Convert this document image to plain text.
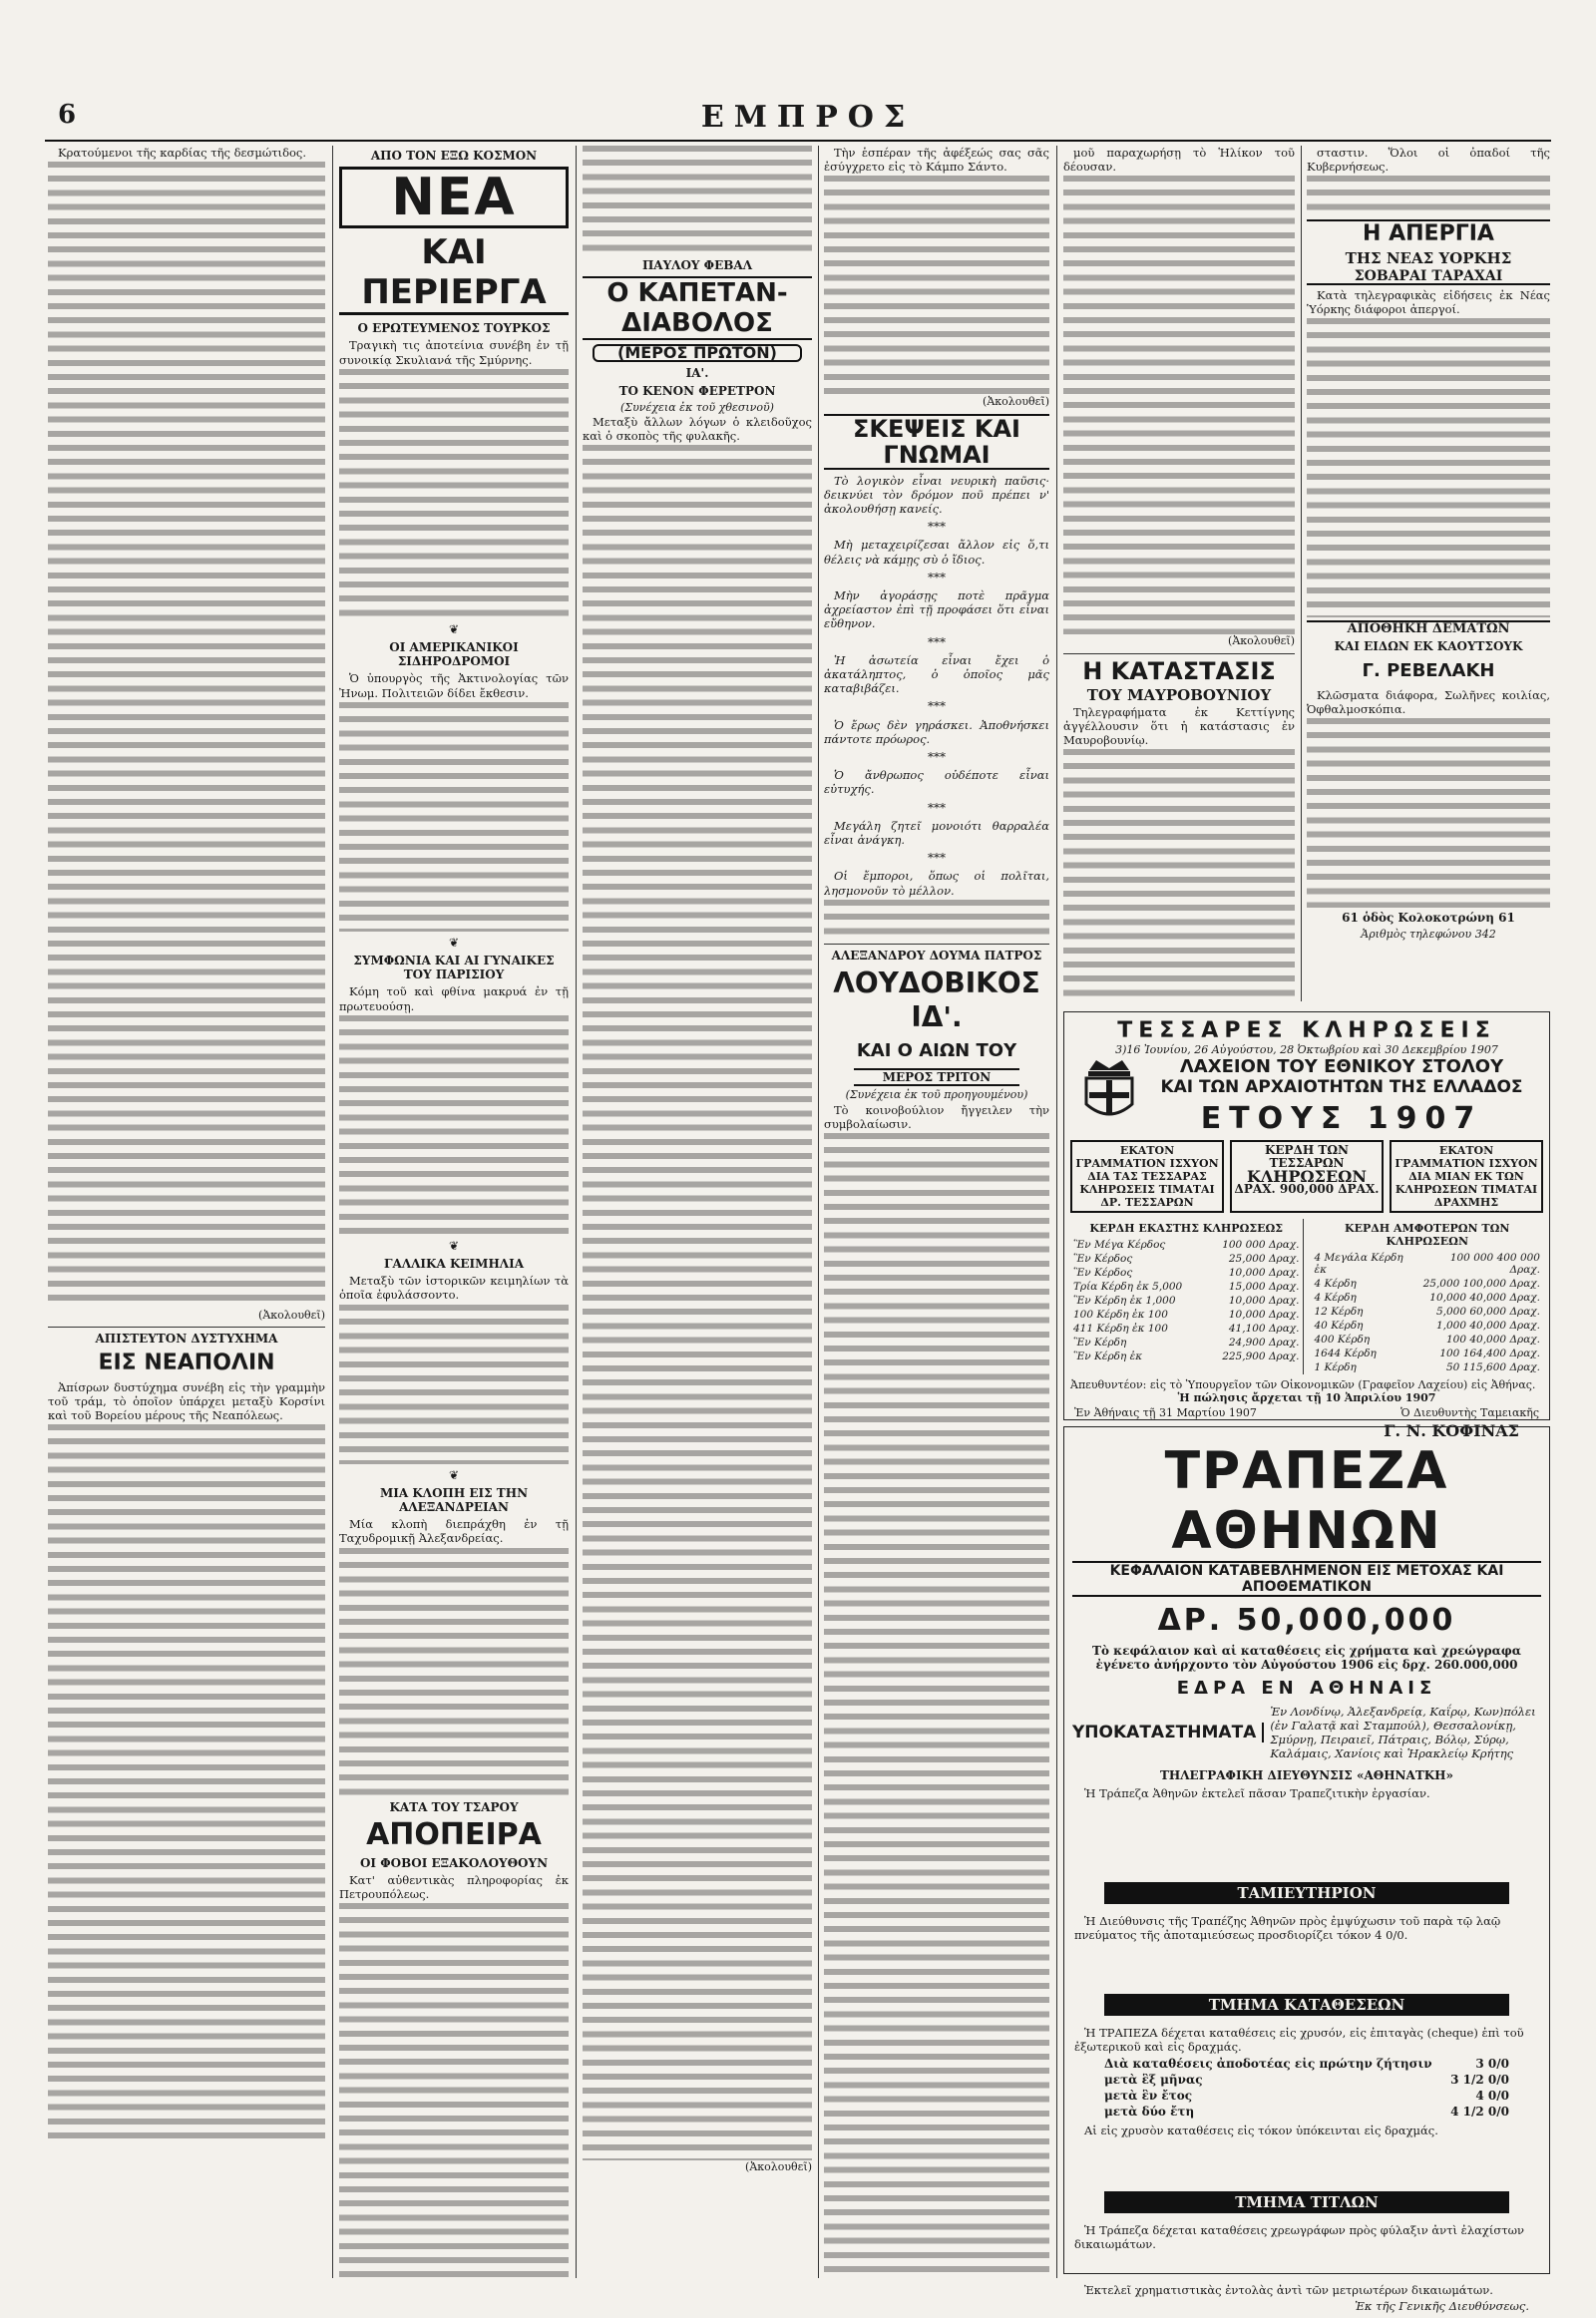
6	ΕΜΠΡΟΣ

Κρατούμενοι τῆς καρδίας τῆς δεσμώτιδος.

(Ἀκολουθεῖ)

ΑΠΙΣΤΕΥΤΟΝ ΔΥΣΤΥΧΗΜΑ

ΕΙΣ ΝΕΑΠΟΛΙΝ

Ἀπίσρων δυστύχημα συνέβη εἰς τὴν γραμμὴν τοῦ τράμ, τὸ ὁποῖον ὑπάρχει μεταξὺ Κορσίνι καὶ τοῦ Βορείου μέρους τῆς Νεαπόλεως.

ΑΠΟ ΤΟΝ ΕΞΩ ΚΟΣΜΟΝ

ΝΕΑ
ΚΑΙ ΠΕΡΙΕΡΓΑ

Ο ΕΡΩΤΕΥΜΕΝΟΣ ΤΟΥΡΚΟΣ

Τραγικὴ τις ἀποτείνια συνέβη ἐν τῇ συνοικίᾳ Σκυλιανά τῆς Σμύρνης.

❦

ΟΙ ΑΜΕΡΙΚΑΝΙΚΟΙ ΣΙΔΗΡΟΔΡΟΜΟΙ

Ὁ ὑπουργὸς τῆς Ἀκτινολογίας τῶν Ἠνωμ. Πολιτειῶν δίδει ἔκθεσιν.

❦

ΣΥΜΦΩΝΙΑ ΚΑΙ ΑΙ ΓΥΝΑΙΚΕΣ ΤΟΥ ΠΑΡΙΣΙΟΥ

Κόμη τοῦ καὶ φθίνα μακρυά ἐν τῇ πρωτευούσῃ.

❦

ΓΑΛΛΙΚΑ ΚΕΙΜΗΛΙΑ

Μεταξὺ τῶν ἱστορικῶν κειμηλίων τὰ ὁποῖα ἐφυλάσσοντο.

❦

ΜΙΑ ΚΛΟΠΗ ΕΙΣ ΤΗΝ ΑΛΕΞΑΝΔΡΕΙΑΝ

Μία κλοπὴ διεπράχθη ἐν τῇ Ταχυδρομικῇ Ἀλεξανδρείας.

ΚΑΤΑ ΤΟΥ ΤΣΑΡΟΥ

ΑΠΟΠΕΙΡΑ

ΟΙ ΦΟΒΟΙ ΕΞΑΚΟΛΟΥΘΟΥΝ

Κατ' αὐθεντικὰς πληροφορίας ἐκ Πετρουπόλεως.

ΠΑΥΛΟΥ ΦΕΒΑΛ

Ο ΚΑΠΕΤΑΝ-ΔΙΑΒΟΛΟΣ

(ΜΕΡΟΣ ΠΡΩΤΟΝ)

ΙΑ'.

ΤΟ ΚΕΝΟΝ ΦΕΡΕΤΡΟΝ

(Συνέχεια ἐκ τοῦ χθεσινοῦ)

Μεταξὺ ἄλλων λόγων ὁ κλειδοῦχος καὶ ὁ σκοπὸς τῆς φυλακῆς.

(Ἀκολουθεῖ)

Τὴν ἑσπέραν τῆς ἀφέξεώς σας σᾶς ἐσύγχρετο εἰς τὸ Κάμπο Σάντο.

(Ἀκολουθεῖ)

ΣΚΕΨΕΙΣ ΚΑΙ ΓΝΩΜΑΙ

Τὸ λογικὸν εἶναι νευρικὴ παῦσις· δεικνύει τὸν δρόμον ποῦ πρέπει ν' ἀκολουθήσῃ κανείς.

***

Μὴ μεταχειρίζεσαι ἄλλον εἰς ὅ,τι θέλεις νὰ κάμῃς σὺ ὁ ἴδιος.

***

Μὴν ἀγοράσῃς ποτὲ πρᾶγμα ἀχρείαστον ἐπὶ τῇ προφάσει ὅτι εἶναι εὔθηνον.

***

Ἡ ἀσωτεία εἶναι ἔχει ὁ ἀκατάληπτος, ὁ ὁποῖος μᾶς καταβιβάζει.

***

Ὁ ἔρως δὲν γηράσκει. Ἀποθνήσκει πάντοτε πρόωρος.

***

Ὁ ἄνθρωπος οὐδέποτε εἶναι εὐτυχής.

***

Μεγάλη ζητεῖ μονοιότι θαρραλέα εἶναι ἀνάγκη.

***

Οἱ ἔμποροι, ὅπως οἱ πολῖται, λησμονοῦν τὸ μέλλον.

ΑΛΕΞΑΝΔΡΟΥ ΔΟΥΜΑ ΠΑΤΡΟΣ

ΛΟΥΔΟΒΙΚΟΣ ΙΔ'.

ΚΑΙ Ο ΑΙΩΝ ΤΟΥ

ΜΕΡΟΣ ΤΡΙΤΟΝ

(Συνέχεια ἐκ τοῦ προηγουμένου)

Τὸ κοινοβούλιον ἤγγειλεν τὴν συμβολαίωσιν.

μοῦ παραχωρήσῃ τὸ Ἡλίκον τοῦ δέουσαν.

(Ἀκολουθεῖ)

Η ΚΑΤΑΣΤΑΣΙΣ

ΤΟΥ ΜΑΥΡΟΒΟΥΝΙΟΥ

Τηλεγραφήματα ἐκ Κεττίγνης ἀγγέλλουσιν ὅτι ἡ κατάστασις ἐν Μαυροβουνίῳ.

σταστιν. Ὅλοι οἱ ὀπαδοί τῆς Κυβερνήσεως.

Η ΑΠΕΡΓΙΑ

ΤΗΣ ΝΕΑΣ ΥΟΡΚΗΣ

ΣΟΒΑΡΑΙ ΤΑΡΑΧΑΙ

Κατὰ τηλεγραφικὰς εἰδήσεις ἐκ Νέας Ὑόρκης διάφοροι ἀπεργοί.

ΑΠΟΘΗΚΗ ΔΕΜΑΤΩΝ

ΚΑΙ ΕΙΔΩΝ ΕΚ ΚΑΟΥΤΣΟΥΚ

Γ. ΡΕΒΕΛΑΚΗ

Κλῶσματα διάφορα, Σωλῆνες κοιλίας, Ὀφθαλμοσκόπια.

61 ὁδὸς Κολοκοτρώνη 61

Ἀριθμὸς τηλεφώνου 342

ΤΕΣΣΑΡΕΣ ΚΛΗΡΩΣΕΙΣ
3)16 Ἰουνίου, 26 Αὐγούστου, 28 Ὀκτωβρίου καὶ 30 Δεκεμβρίου 1907
ΛΑΧΕΙΟΝ ΤΟΥ ΕΘΝΙΚΟΥ ΣΤΟΛΟΥ
ΚΑΙ ΤΩΝ ΑΡΧΑΙΟΤΗΤΩΝ ΤΗΣ ΕΛΛΑΔΟΣ
ΕΤΟΥΣ 1907
ΕΚΑΤΟΝ ΓΡΑΜΜΑΤΙΟΝ ΙΣΧΥΟΝ ΔΙΑ ΤΑΣ ΤΕΣΣΑΡΑΣ ΚΛΗΡΩΣΕΙΣ ΤΙΜΑΤΑΙ ΔΡ. ΤΕΣΣΑΡΩΝ
ΚΕΡΔΗ ΤΩΝ ΤΕΣΣΑΡΩΝ
ΚΛΗΡΩΣΕΩΝ
ΔΡΑΧ. 900,000 ΔΡΑΧ.
ΕΚΑΤΟΝ ΓΡΑΜΜΑΤΙΟΝ ΙΣΧΥΟΝ ΔΙΑ ΜΙΑΝ ΕΚ ΤΩΝ ΚΛΗΡΩΣΕΩΝ ΤΙΜΑΤΑΙ ΔΡΑΧΜΗΣ
ΚΕΡΔΗ ΕΚΑΣΤΗΣ ΚΛΗΡΩΣΕΩΣ
Ἓν Μέγα Κέρδος	100 000 Δραχ.
Ἓν Κέρδος	25,000 Δραχ.
Ἓν Κέρδος	10,000 Δραχ.
Τρία Κέρδη ἐκ 5,000	15,000 Δραχ.
Ἓν Κέρδη ἐκ 1,000	10,000 Δραχ.
100 Κέρδη ἐκ 100	10,000 Δραχ.
411 Κέρδη ἐκ 100	41,100 Δραχ.
Ἓν Κέρδη	24,900 Δραχ.
Ἓν Κέρδη ἐκ	225,900 Δραχ.
ΚΕΡΔΗ ΑΜΦΟΤΕΡΩΝ ΤΩΝ ΚΛΗΡΩΣΕΩΝ
4 Μεγάλα Κέρδη ἐκ	100 000 400 000 Δραχ.
4 Κέρδη	25,000 100,000 Δραχ.
4 Κέρδη	10,000 40,000 Δραχ.
12 Κέρδη	5,000 60,000 Δραχ.
40 Κέρδη	1,000 40,000 Δραχ.
400 Κέρδη	100 40,000 Δραχ.
1644 Κέρδη	100 164,400 Δραχ.
1 Κέρδη	50 115,600 Δραχ.
Ἀπευθυντέον: εἰς τὸ Ὑπουργεῖον τῶν Οἰκονομικῶν (Γραφεῖον Λαχείου) εἰς Ἀθήνας.
Ἡ πώλησις ἄρχεται τῇ 10 Ἀπριλίου 1907
Ἐν Ἀθήναις τῇ 31 Μαρτίου 1907	Ὁ Διευθυντὴς Ταμειακῆς
Γ. Ν. ΚΟΦΙΝΑΣ
ΤΡΑΠΕΖΑ ΑΘΗΝΩΝ
ΚΕΦΑΛΑΙΟΝ ΚΑΤΑΒΕΒΛΗΜΕΝΟΝ ΕΙΣ ΜΕΤΟΧΑΣ ΚΑΙ ΑΠΟΘΕΜΑΤΙΚΟΝ
ΔΡ. 50,000,000
Τὸ κεφάλαιον καὶ αἱ καταθέσεις εἰς χρήματα καὶ χρεώγραφα ἐγένετο ἀνήρχοντο τὸν Αὐγούστου 1906 εἰς δρχ. 260.000,000
ΕΔΡΑ ΕΝ ΑΘΗΝΑΙΣ
ΥΠΟΚΑΤΑΣΤΗΜΑΤΑ
Ἐν Λονδίνῳ, Ἀλεξανδρείᾳ, Καΐρῳ, Κων)πόλει (ἐν Γαλατᾷ καὶ Σταμπούλ), Θεσσαλονίκῃ, Σμύρνῃ, Πειραιεῖ, Πάτραις, Βόλῳ, Σύρῳ, Καλάμαις, Χανίοις καὶ Ἡρακλείῳ Κρήτης
ΤΗΛΕΓΡΑΦΙΚΗ ΔΙΕΥΘΥΝΣΙΣ «ΑΘΗΝΑΤΚΗ»
Ἡ Τράπεζα Ἀθηνῶν ἐκτελεῖ πᾶσαν Τραπεζιτικὴν ἐργασίαν.
ΤΑΜΙΕΥΤΗΡΙΟΝ
Ἡ Διεύθυνσις τῆς Τραπέζης Ἀθηνῶν πρὸς ἐμψύχωσιν τοῦ παρὰ τῷ λαῷ πνεύματος τῆς ἀποταμιεύσεως προσδιορίζει τόκον 4 0/0.
ΤΜΗΜΑ ΚΑΤΑΘΕΣΕΩΝ
Ἡ ΤΡΑΠΕΖΑ δέχεται καταθέσεις εἰς χρυσόν, εἰς ἐπιταγὰς (cheque) ἐπὶ τοῦ ἐξωτερικοῦ καὶ εἰς δραχμάς.
Διὰ καταθέσεις ἀποδοτέας εἰς πρώτην ζήτησιν	3 0/0
μετὰ ἓξ μῆνας	3 1/2 0/0
μετὰ ἓν ἔτος	4 0/0
μετὰ δύο ἔτη	4 1/2 0/0
Αἱ εἰς χρυσὸν καταθέσεις εἰς τόκον ὑπόκεινται εἰς δραχμάς.
ΤΜΗΜΑ ΤΙΤΛΩΝ
Ἡ Τράπεζα δέχεται καταθέσεις χρεωγράφων πρὸς φύλαξιν ἀντὶ ἐλαχίστων δικαιωμάτων.
Ἐκτελεῖ χρηματιστικὰς ἐντολὰς ἀντὶ τῶν μετριωτέρων δικαιωμάτων.
Ἐκ τῆς Γενικῆς Διευθύνσεως.
